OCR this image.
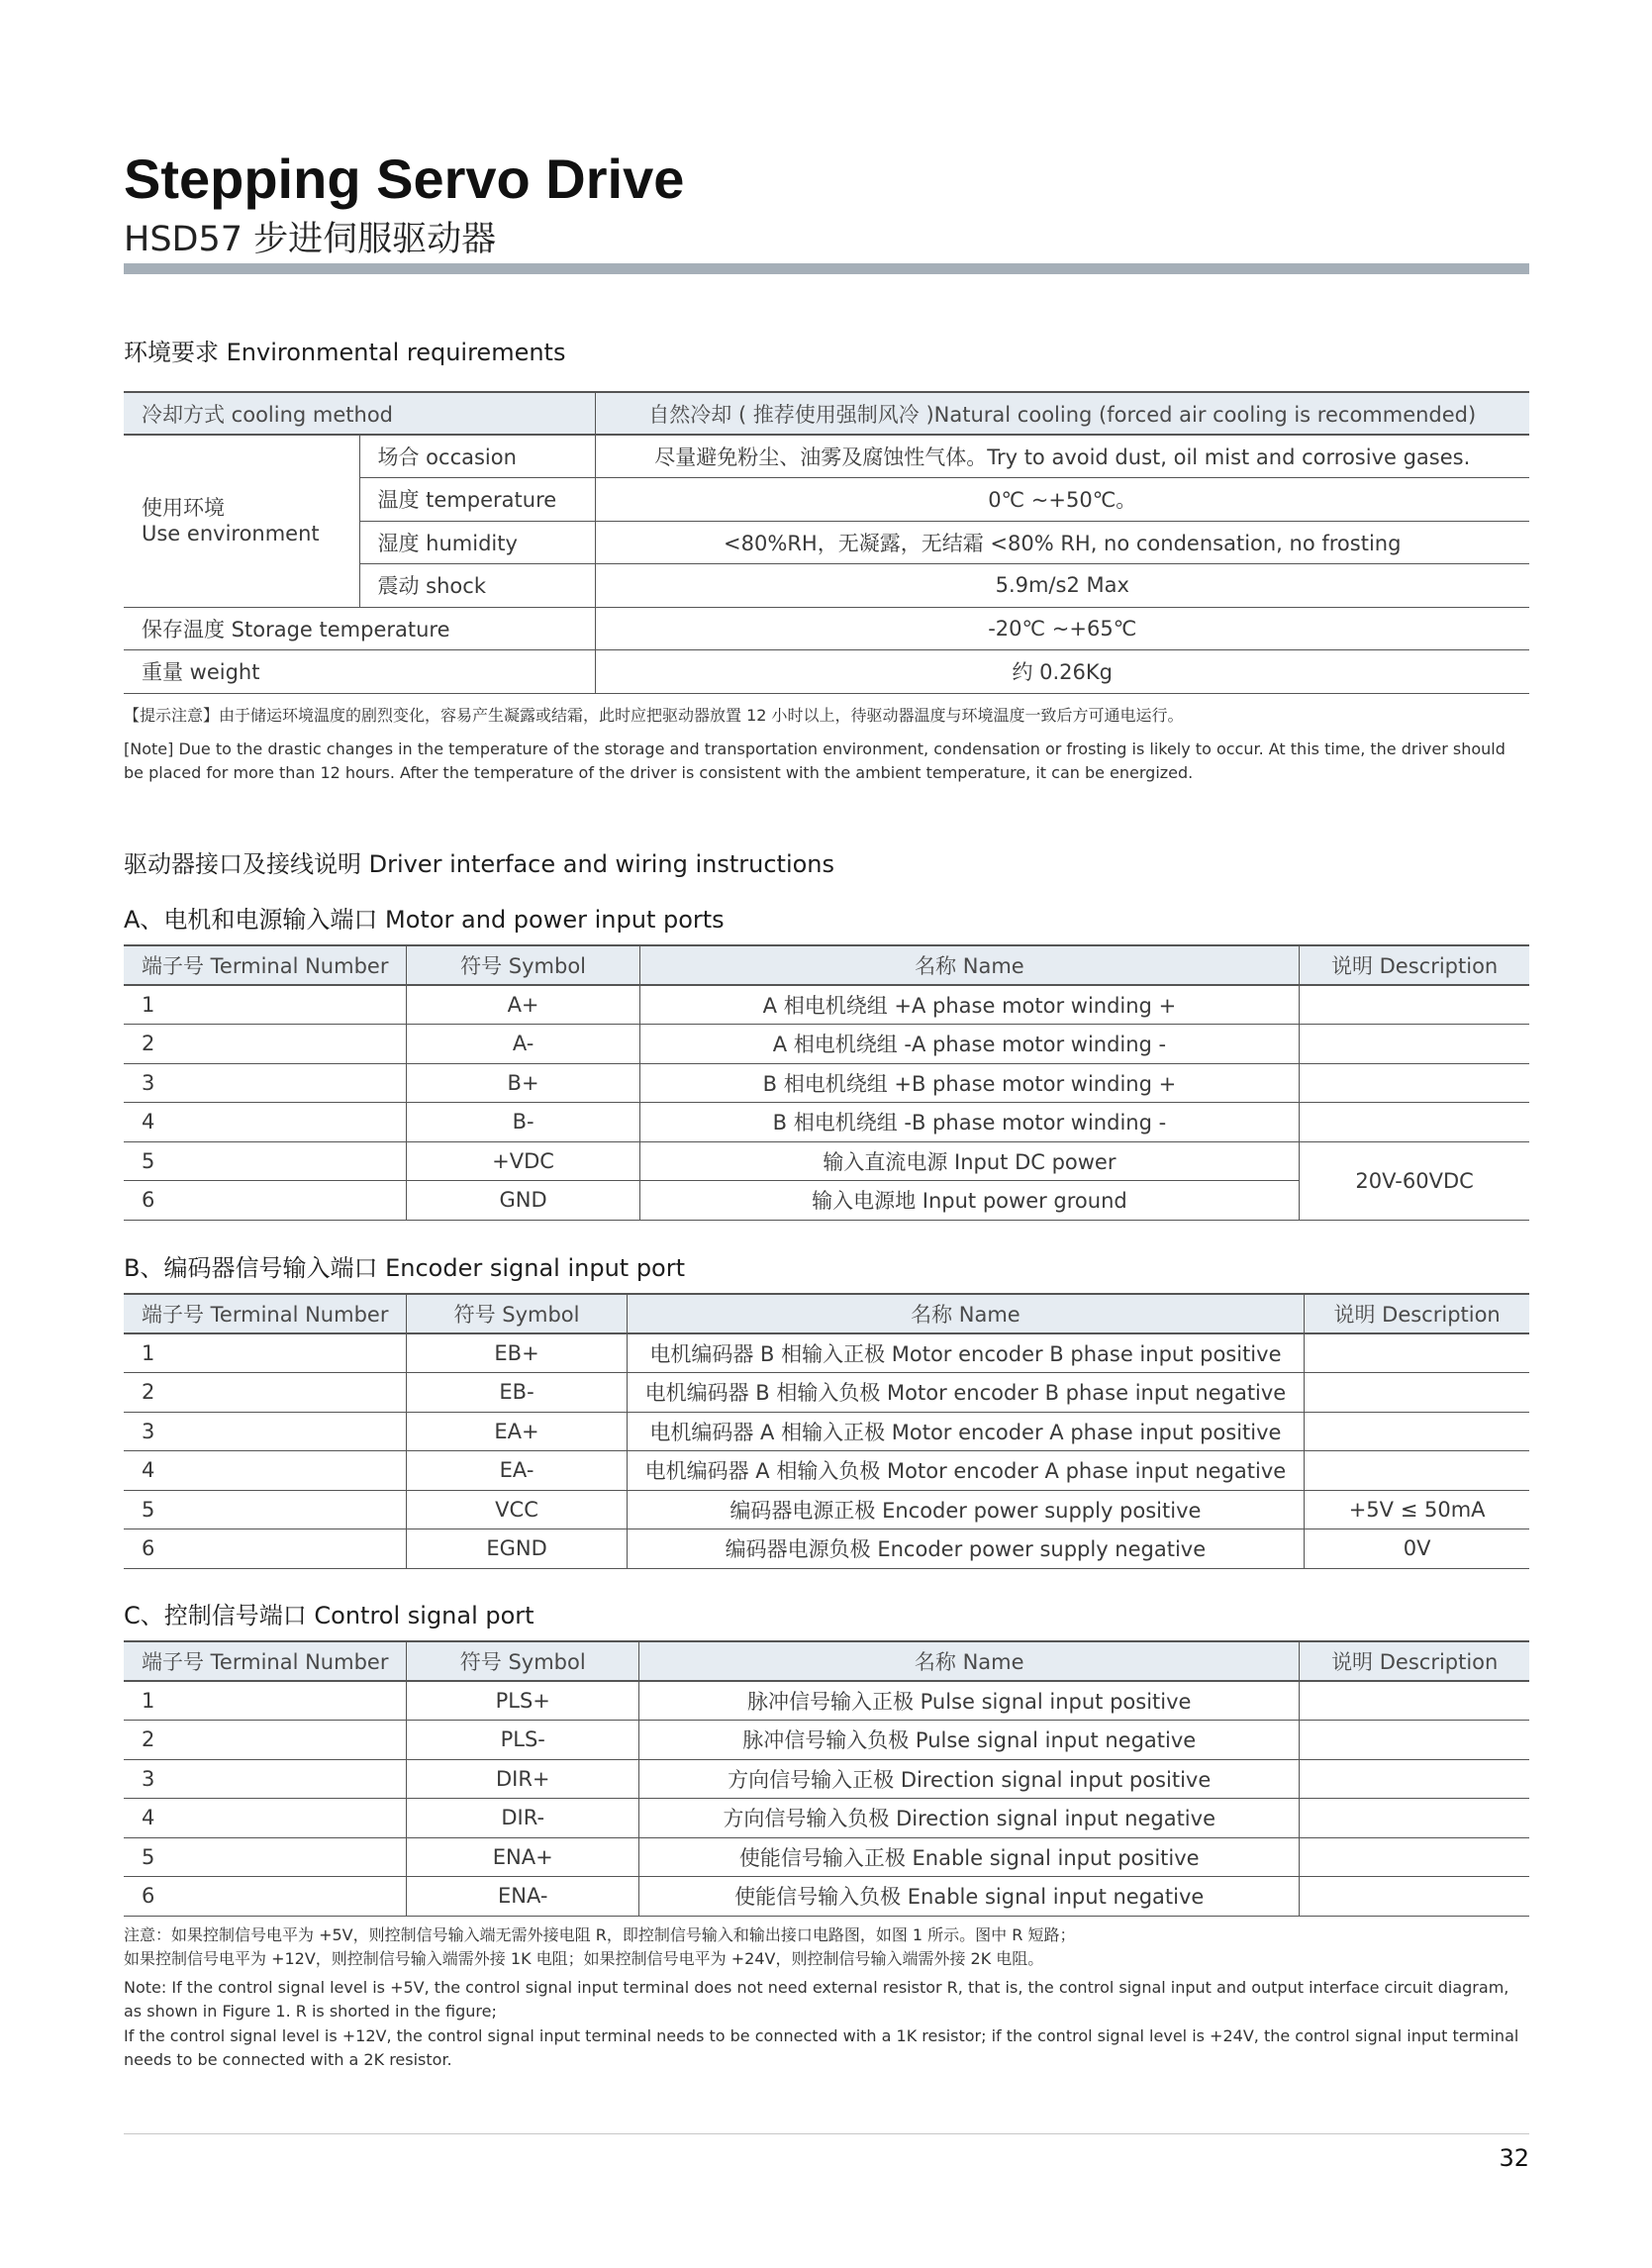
Stepping Servo Drive
HSD57 步进伺服驱动器
环境要求 Environmental requirements
冷却方式 cooling method		自然冷却 ( 推荐使用强制风冷 )Natural cooling (forced air cooling is recommended)

使用环境
Use environment	场合 occasion	尽量避免粉尘、油雾及腐蚀性气体。Try to avoid dust, oil mist and corrosive gases.
	温度 temperature	0℃ ~+50℃。
	湿度 humidity	<80%RH，无凝露，无结霜 <80% RH, no condensation, no frosting
	震动 shock	5.9m/s2 Max
保存温度 Storage temperature		-20℃ ~+65℃
重量 weight		约 0.26Kg
【提示注意】由于储运环境温度的剧烈变化，容易产生凝露或结霜，此时应把驱动器放置 12 小时以上，待驱动器温度与环境温度一致后方可通电运行。
[Note] Due to the drastic changes in the temperature of the storage and transportation environment, condensation or frosting is likely to occur. At this time, the driver should be placed for more than 12 hours. After the temperature of the driver is consistent with the ambient temperature, it can be energized.
驱动器接口及接线说明 Driver interface and wiring instructions
A、电机和电源输入端口 Motor and power input ports
端子号 Terminal Number	符号 Symbol	名称 Name	说明 Description
1	A+	A 相电机绕组 +A phase motor winding +	
2	A-	A 相电机绕组 -A phase motor winding -	
3	B+	B 相电机绕组 +B phase motor winding +	
4	B-	B 相电机绕组 -B phase motor winding -	
5	+VDC	输入直流电源 Input DC power	20V-60VDC
6	GND	输入电源地 Input power ground	
B、编码器信号输入端口 Encoder signal input port
端子号 Terminal Number	符号 Symbol	名称 Name	说明 Description
1	EB+	电机编码器 B 相输入正极 Motor encoder B phase input positive	
2	EB-	电机编码器 B 相输入负极 Motor encoder B phase input negative	
3	EA+	电机编码器 A 相输入正极 Motor encoder A phase input positive	
4	EA-	电机编码器 A 相输入负极 Motor encoder A phase input negative	
5	VCC	编码器电源正极 Encoder power supply positive	+5V ≤ 50mA
6	EGND	编码器电源负极 Encoder power supply negative	0V
C、控制信号端口 Control signal port
端子号 Terminal Number	符号 Symbol	名称 Name	说明 Description
1	PLS+	脉冲信号输入正极 Pulse signal input positive	
2	PLS-	脉冲信号输入负极 Pulse signal input negative	
3	DIR+	方向信号输入正极 Direction signal input positive	
4	DIR-	方向信号输入负极 Direction signal input negative	
5	ENA+	使能信号输入正极 Enable signal input positive	
6	ENA-	使能信号输入负极 Enable signal input negative	
注意：如果控制信号电平为 +5V，则控制信号输入端无需外接电阻 R，即控制信号输入和输出接口电路图，如图 1 所示。图中 R 短路；
如果控制信号电平为 +12V，则控制信号输入端需外接 1K 电阻；如果控制信号电平为 +24V，则控制信号输入端需外接 2K 电阻。
Note: If the control signal level is +5V, the control signal input terminal does not need external resistor R, that is, the control signal input and output interface circuit diagram, as shown in Figure 1. R is shorted in the figure;
If the control signal level is +12V, the control signal input terminal needs to be connected with a 1K resistor; if the control signal level is +24V, the control signal input terminal needs to be connected with a 2K resistor.
32
